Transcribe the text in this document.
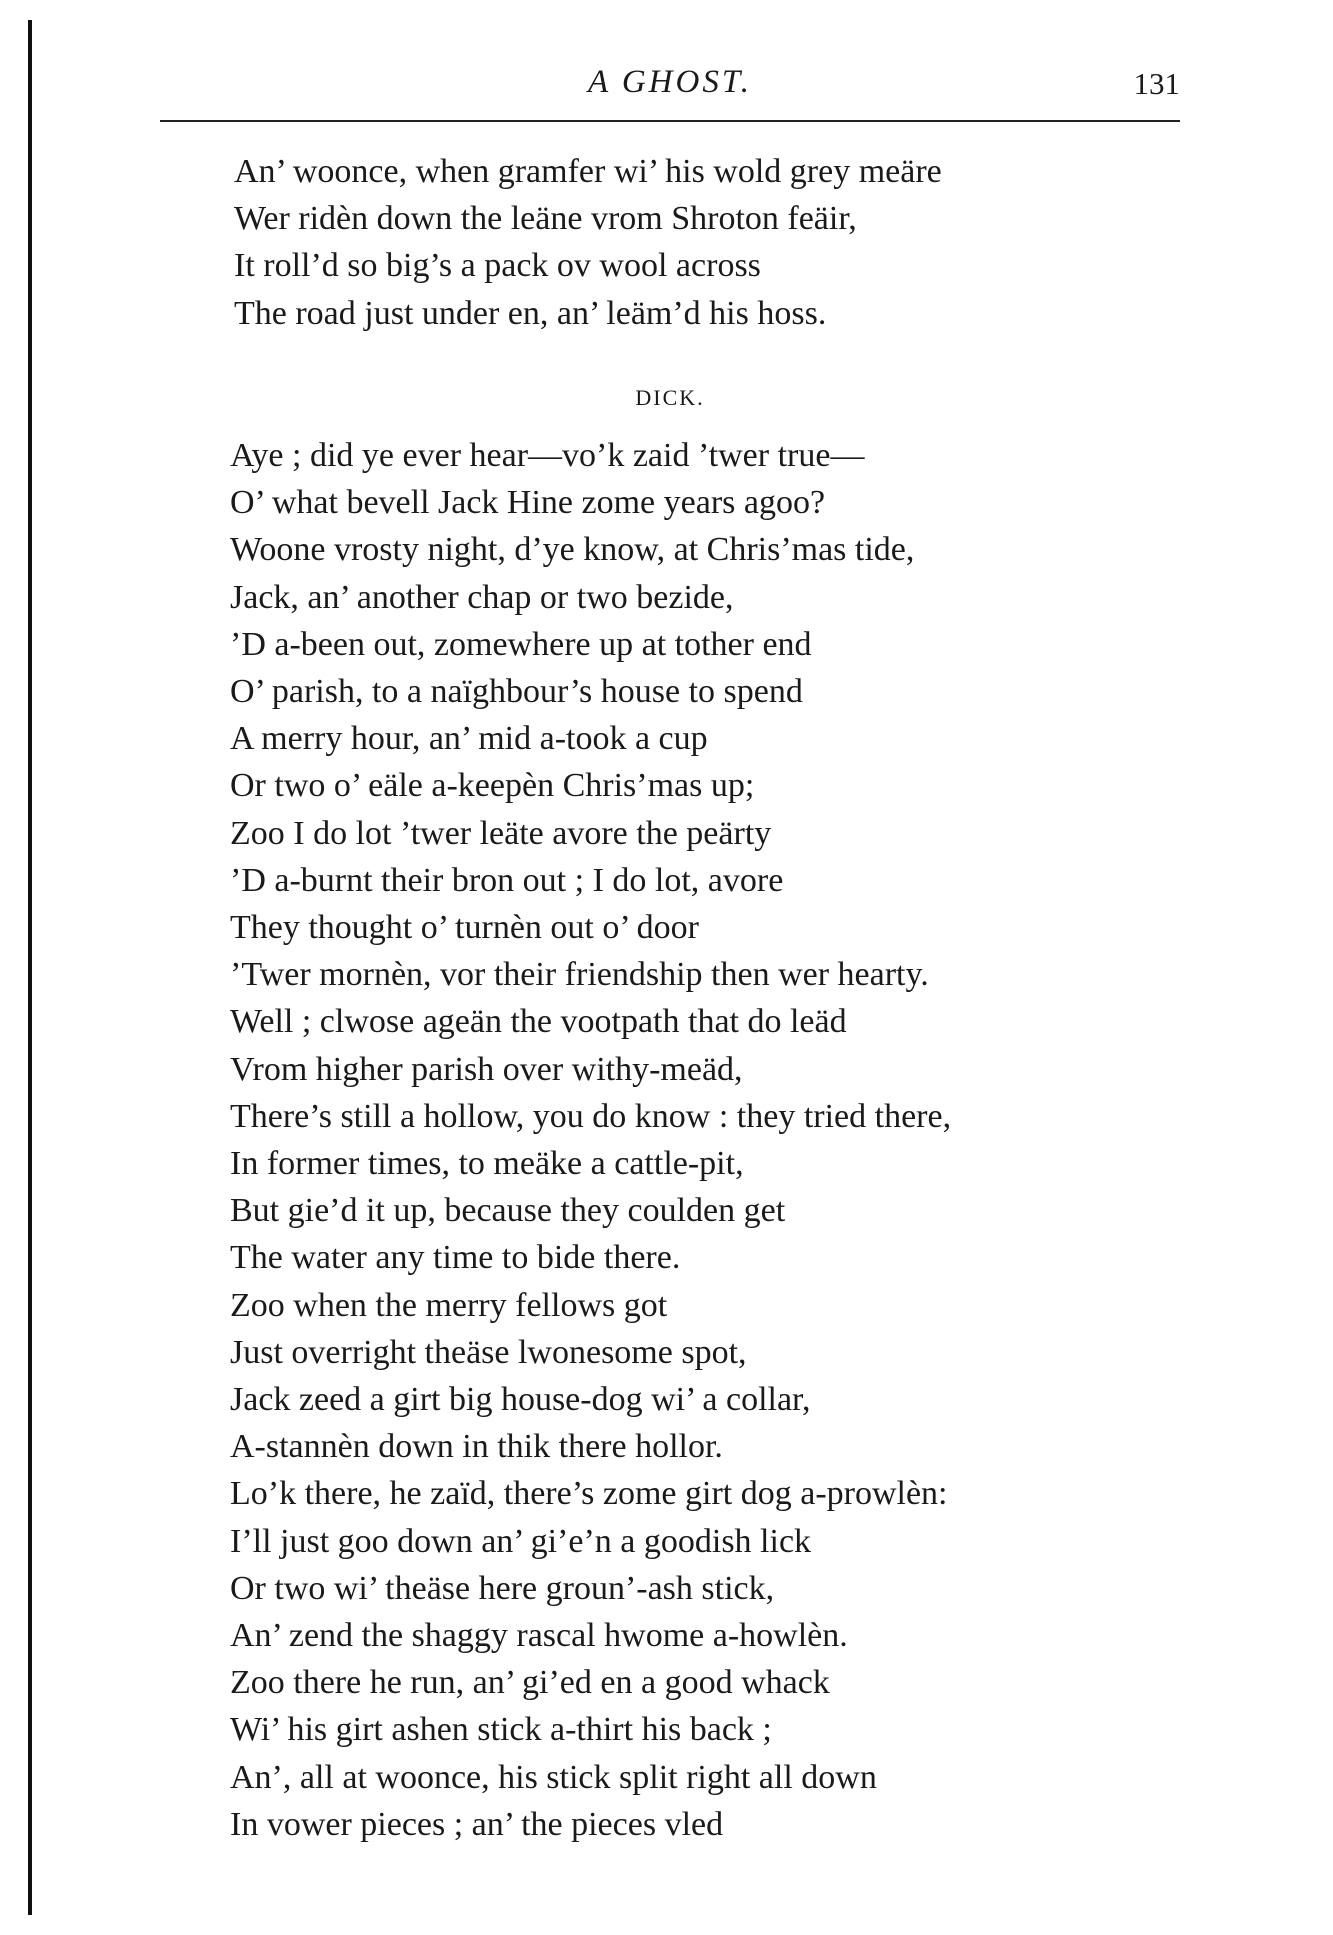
A GHOST.	131
An’ woonce, when gramfer wi’ his wold grey meäre
Wer ridèn down the leäne vrom Shroton feäir,
It roll’d so big’s a pack ov wool across
The road just under en, an’ leäm’d his hoss.
DICK.
Aye ; did ye ever hear—vo’k zaid ’twer true—
O’ what bevell Jack Hine zome years agoo?
Woone vrosty night, d’ye know, at Chris’mas tide,
Jack, an’ another chap or two bezide,
’D a-been out, zomewhere up at tother end
O’ parish, to a naïghbour’s house to spend
A merry hour, an’ mid a-took a cup
Or two o’ eäle a-keepèn Chris’mas up;
Zoo I do lot ’twer leäte avore the peärty
’D a-burnt their bron out ; I do lot, avore
They thought o’ turnèn out o’ door
’Twer mornèn, vor their friendship then wer hearty.
Well ; clwose ageän the vootpath that do leäd
Vrom higher parish over withy-meäd,
There’s still a hollow, you do know : they tried there,
In former times, to meäke a cattle-pit,
But gie’d it up, because they coulden get
The water any time to bide there.
Zoo when the merry fellows got
Just overright theäse lwonesome spot,
Jack zeed a girt big house-dog wi’ a collar,
A-stannèn down in thik there hollor.
Lo’k there, he zaïd, there’s zome girt dog a-prowlèn:
I’ll just goo down an’ gi’e’n a goodish lick
Or two wi’ theäse here groun’-ash stick,
An’ zend the shaggy rascal hwome a-howlèn.
Zoo there he run, an’ gi’ed en a good whack
Wi’ his girt ashen stick a-thirt his back ;
An’, all at woonce, his stick split right all down
In vower pieces ; an’ the pieces vled
